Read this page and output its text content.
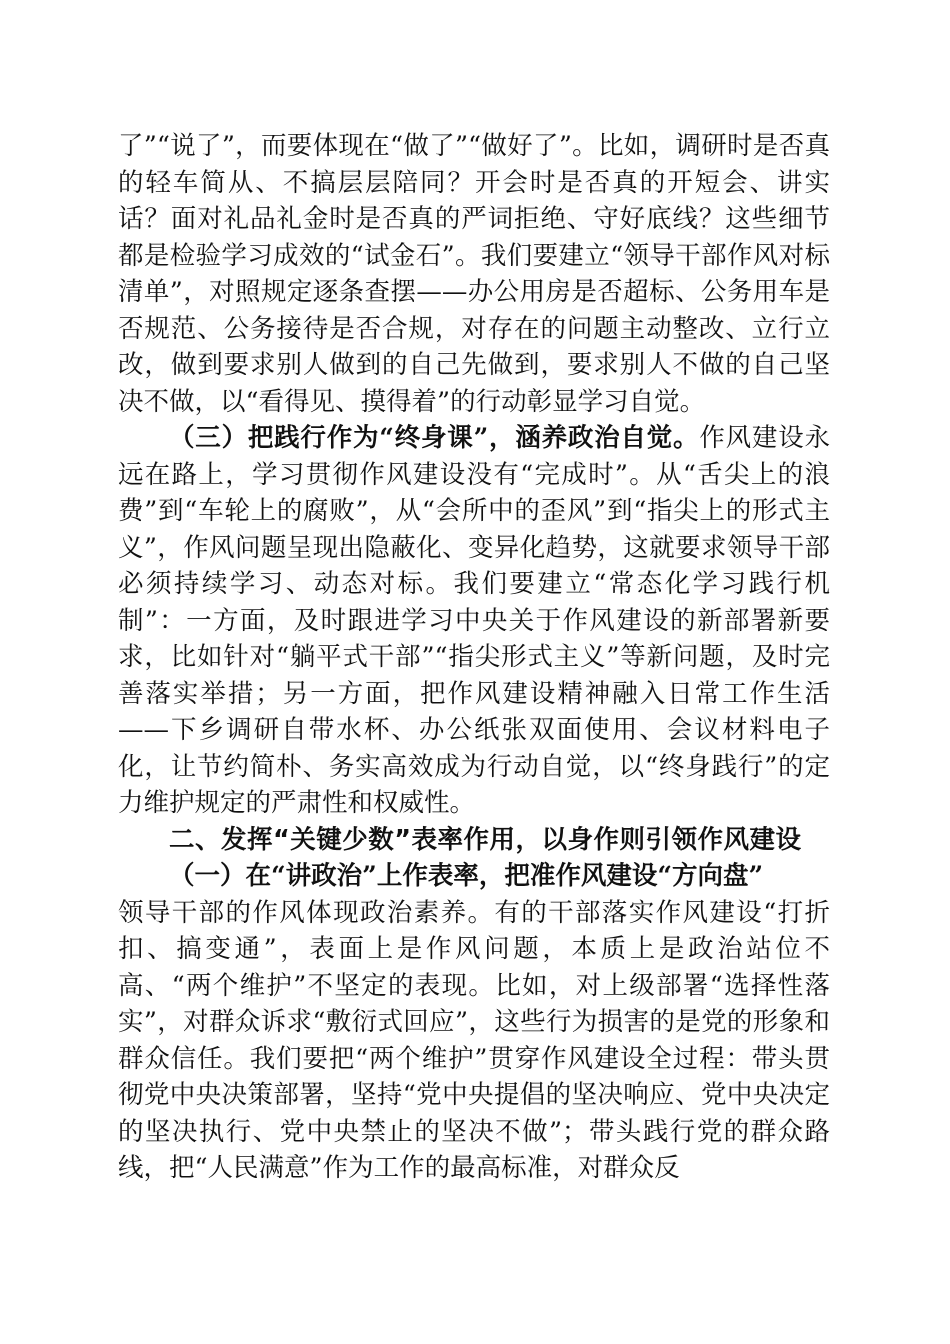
了”“说了”，而要体现在“做了”“做好了”。比如，调研时是否真的轻车简从、不搞层层陪同？开会时是否真的开短会、讲实话？面对礼品礼金时是否真的严词拒绝、守好底线？这些细节都是检验学习成效的“试金石”。我们要建立“领导干部作风对标清单”，对照规定逐条查摆——办公用房是否超标、公务用车是否规范、公务接待是否合规，对存在的问题主动整改、立行立改，做到要求别人做到的自己先做到，要求别人不做的自己坚决不做，以“看得见、摸得着”的行动彰显学习自觉。

（三）把践行作为“终身课”，涵养政治自觉。作风建设永远在路上，学习贯彻作风建设没有“完成时”。从“舌尖上的浪费”到“车轮上的腐败”，从“会所中的歪风”到“指尖上的形式主义”，作风问题呈现出隐蔽化、变异化趋势，这就要求领导干部必须持续学习、动态对标。我们要建立“常态化学习践行机制”：一方面，及时跟进学习中央关于作风建设的新部署新要求，比如针对“躺平式干部”“指尖形式主义”等新问题，及时完善落实举措；另一方面，把作风建设精神融入日常工作生活——下乡调研自带水杯、办公纸张双面使用、会议材料电子化，让节约简朴、务实高效成为行动自觉，以“终身践行”的定力维护规定的严肃性和权威性。

二、发挥“关键少数”表率作用，以身作则引领作风建设

（一）在“讲政治”上作表率，把准作风建设“方向盘”
领导干部的作风体现政治素养。有的干部落实作风建设“打折扣、搞变通”，表面上是作风问题，本质上是政治站位不高、“两个维护”不坚定的表现。比如，对上级部署“选择性落实”，对群众诉求“敷衍式回应”，这些行为损害的是党的形象和群众信任。我们要把“两个维护”贯穿作风建设全过程：带头贯彻党中央决策部署，坚持“党中央提倡的坚决响应、党中央决定的坚决执行、党中央禁止的坚决不做”；带头践行党的群众路线，把“人民满意”作为工作的最高标准，对群众反
